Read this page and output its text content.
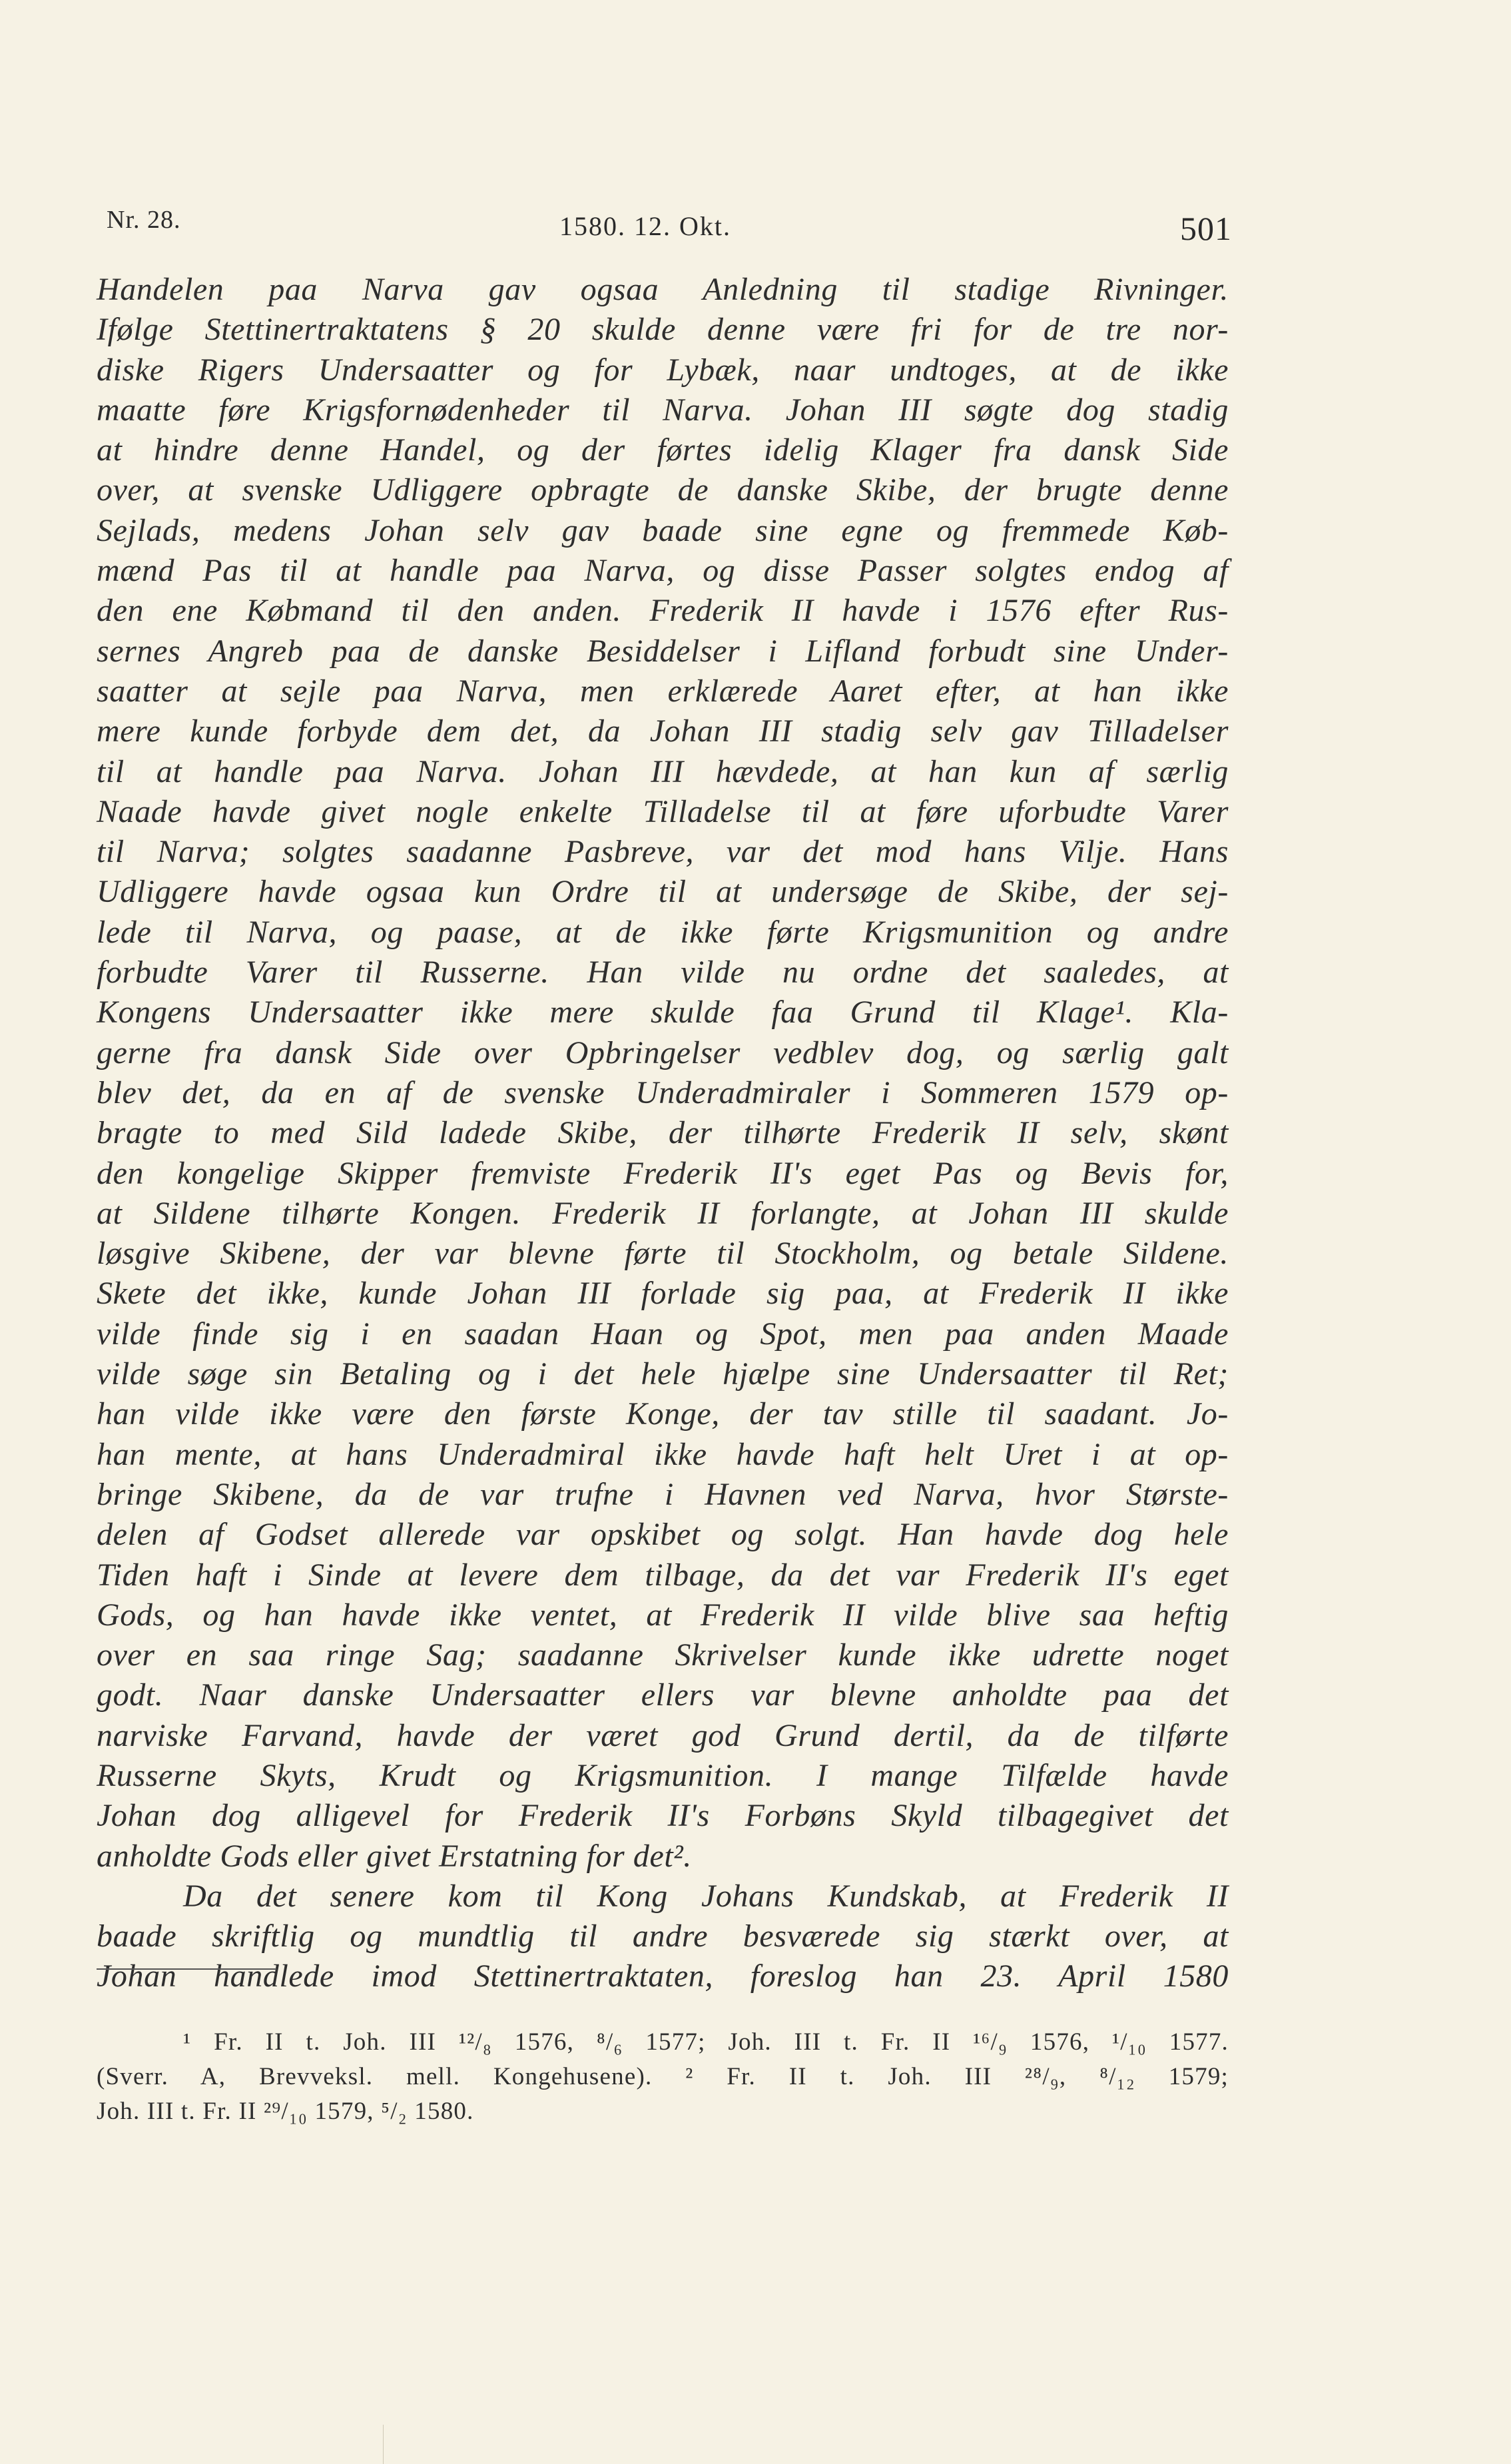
Nr. 28.	1580. 12. Okt.	501
Handelen paa Narva gav ogsaa Anledning til stadige Rivninger.
Ifølge Stettinertraktatens § 20 skulde denne være fri for de tre nor-
diske Rigers Undersaatter og for Lybæk, naar undtoges, at de ikke
maatte føre Krigsfornødenheder til Narva. Johan III søgte dog stadig
at hindre denne Handel, og der førtes idelig Klager fra dansk Side
over, at svenske Udliggere opbragte de danske Skibe, der brugte denne
Sejlads, medens Johan selv gav baade sine egne og fremmede Køb-
mænd Pas til at handle paa Narva, og disse Passer solgtes endog af
den ene Købmand til den anden. Frederik II havde i 1576 efter Rus-
sernes Angreb paa de danske Besiddelser i Lifland forbudt sine Under-
saatter at sejle paa Narva, men erklærede Aaret efter, at han ikke
mere kunde forbyde dem det, da Johan III stadig selv gav Tilladelser
til at handle paa Narva. Johan III hævdede, at han kun af særlig
Naade havde givet nogle enkelte Tilladelse til at føre uforbudte Varer
til Narva; solgtes saadanne Pasbreve, var det mod hans Vilje. Hans
Udliggere havde ogsaa kun Ordre til at undersøge de Skibe, der sej-
lede til Narva, og paase, at de ikke førte Krigsmunition og andre
forbudte Varer til Russerne. Han vilde nu ordne det saaledes, at
Kongens Undersaatter ikke mere skulde faa Grund til Klage¹. Kla-
gerne fra dansk Side over Opbringelser vedblev dog, og særlig galt
blev det, da en af de svenske Underadmiraler i Sommeren 1579 op-
bragte to med Sild ladede Skibe, der tilhørte Frederik II selv, skønt
den kongelige Skipper fremviste Frederik II's eget Pas og Bevis for,
at Sildene tilhørte Kongen. Frederik II forlangte, at Johan III skulde
løsgive Skibene, der var blevne førte til Stockholm, og betale Sildene.
Skete det ikke, kunde Johan III forlade sig paa, at Frederik II ikke
vilde finde sig i en saadan Haan og Spot, men paa anden Maade
vilde søge sin Betaling og i det hele hjælpe sine Undersaatter til Ret;
han vilde ikke være den første Konge, der tav stille til saadant. Jo-
han mente, at hans Underadmiral ikke havde haft helt Uret i at op-
bringe Skibene, da de var trufne i Havnen ved Narva, hvor Største-
delen af Godset allerede var opskibet og solgt. Han havde dog hele
Tiden haft i Sinde at levere dem tilbage, da det var Frederik II's eget
Gods, og han havde ikke ventet, at Frederik II vilde blive saa heftig
over en saa ringe Sag; saadanne Skrivelser kunde ikke udrette noget
godt. Naar danske Undersaatter ellers var blevne anholdte paa det
narviske Farvand, havde der været god Grund dertil, da de tilførte
Russerne Skyts, Krudt og Krigsmunition. I mange Tilfælde havde
Johan dog alligevel for Frederik II's Forbøns Skyld tilbagegivet det
anholdte Gods eller givet Erstatning for det².
Da det senere kom til Kong Johans Kundskab, at Frederik II
baade skriftlig og mundtlig til andre besværede sig stærkt over, at
Johan handlede imod Stettinertraktaten, foreslog han 23. April 1580
¹ Fr. II t. Joh. III ¹²/₈ 1576, ⁸/₆ 1577; Joh. III t. Fr. II ¹⁶/₉ 1576, ¹/₁₀ 1577.
(Sverr. A, Brevveksl. mell. Kongehusene). ² Fr. II t. Joh. III ²⁸/₉, ⁸/₁₂ 1579;
Joh. III t. Fr. II ²⁹/₁₀ 1579, ⁵/₂ 1580.
